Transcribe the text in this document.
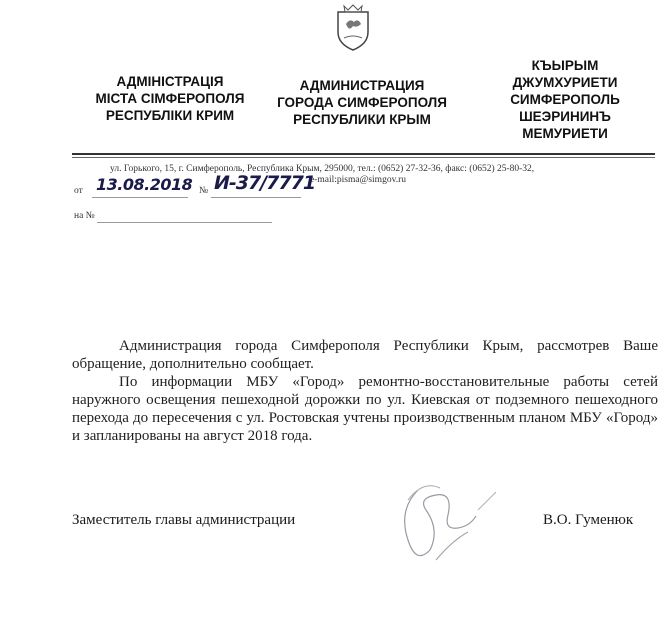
АДМІНІСТРАЦІЯ
МІСТА СІМФЕРОПОЛЯ
РЕСПУБЛІКИ КРИМ
АДМИНИСТРАЦИЯ
ГОРОДА СИМФЕРОПОЛЯ
РЕСПУБЛИКИ КРЫМ
КЪЫРЫМ
ДЖУМХУРИЕТИ
СИМФЕРОПОЛЬ
ШЕЭРИНИНЪ
МЕМУРИЕТИ
ул. Горького, 15, г. Симферополь, Республика Крым, 295000, тел.: (0652) 27-32-36, факс: (0652) 25-80-32,
e-mail:pisma@simgov.ru
от 13.08.2018 № И-37/7771
на №

Администрация города Симферополя Республики Крым, рассмотрев Ваше обращение, дополнительно сообщает.

По информации МБУ «Город» ремонтно-восстановительные работы сетей наружного освещения пешеходной дорожки по ул. Киевская от подземного пешеходного перехода до пересечения с ул. Ростовская учтены производственным планом МБУ «Город» и запланированы на август 2018 года.

Заместитель главы администрации	В.О. Гуменюк
